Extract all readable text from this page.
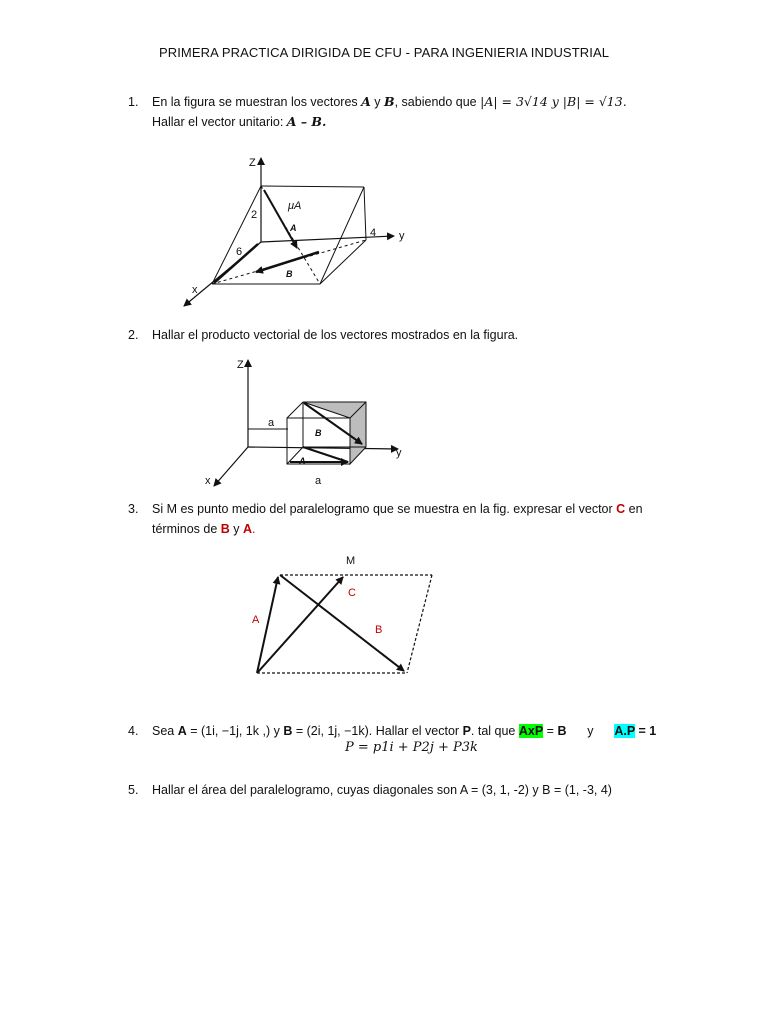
PRIMERA PRACTICA DIRIGIDA DE CFU - PARA INGENIERIA INDUSTRIAL
1. En la figura se muestran los vectores A y B, sabiendo que |A| = 3√14 y |B| = √13.
Hallar el vector unitario: A – B.
Z
y
x
2
6
4
μA
A
B
2. Hallar el producto vectorial de los vectores mostrados en la figura.
Z
y
x
a
a
A
B
3. Si M es punto medio del paralelogramo que se muestra en la fig. expresar el vector C en
términos de B y A.
M
C
A
B
4. Sea A = (1i, −1j, 1k ,) y B = (2i, 1j, −1k). Hallar el vector P. tal que AxP = B      y      A.P = 1
P = p1i + P2j + P3k
5. Hallar el área del paralelogramo, cuyas diagonales son A = (3, 1, -2) y B = (1, -3, 4)
